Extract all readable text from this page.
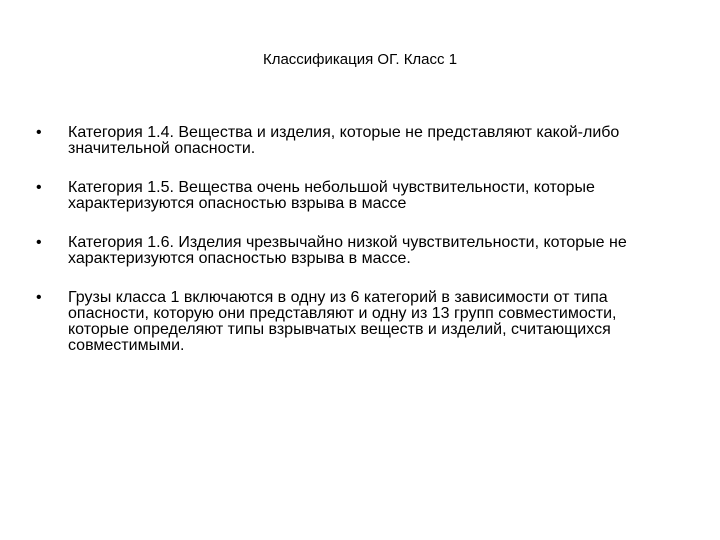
Классификация ОГ. Класс 1
•	Категория 1.4. Вещества и изделия, которые не представляют какой-либо значительной опасности.
•	Категория 1.5. Вещества очень небольшой чувствительности, которые характеризуются опасностью взрыва в массе
•	Категория 1.6. Изделия чрезвычайно низкой чувствительности, которые не характеризуются опасностью взрыва в массе.
•	Грузы класса 1 включаются в одну из 6 категорий в зависимости от типа опасности, которую они представляют и одну из 13 групп совместимости, которые определяют типы взрывчатых веществ и изделий, считающихся совместимыми.
